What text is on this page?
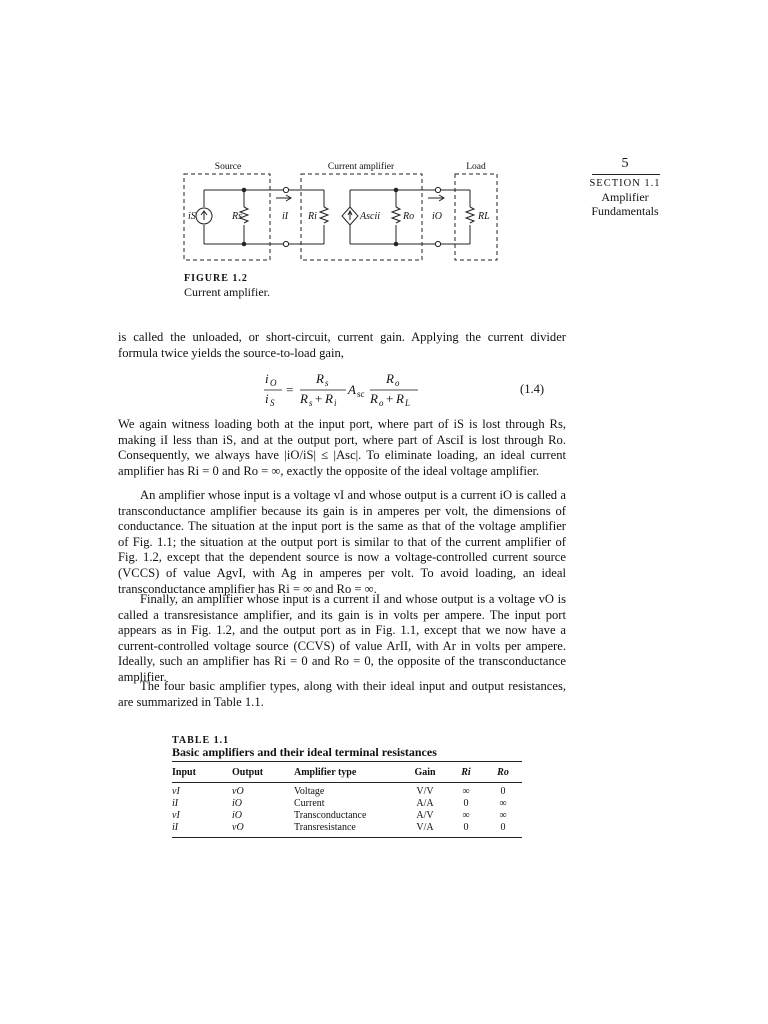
5
SECTION 1.1
Amplifier Fundamentals
Source	Current amplifier	Load
iS	Rs	iI Ri	Ascii Ro iO	RL
FIGURE 1.2
Current amplifier.
is called the unloaded, or short-circuit, current gain. Applying the current divider formula twice yields the source-to-load gain,
i O
i S
=
R s
R s + R i
A sc
R o
R o + R L
(1.4)
We again witness loading both at the input port, where part of iS is lost through Rs, making iI less than iS, and at the output port, where part of AsciI is lost through Ro. Consequently, we always have |iO/iS| ≤ |Asc|. To eliminate loading, an ideal current amplifier has Ri = 0 and Ro = ∞, exactly the opposite of the ideal voltage amplifier.
An amplifier whose input is a voltage vI and whose output is a current iO is called a transconductance amplifier because its gain is in amperes per volt, the dimensions of conductance. The situation at the input port is the same as that of the voltage amplifier of Fig. 1.1; the situation at the output port is similar to that of the current amplifier of Fig. 1.2, except that the dependent source is now a voltage-controlled current source (VCCS) of value AgvI, with Ag in amperes per volt. To avoid loading, an ideal transconductance amplifier has Ri = ∞ and Ro = ∞.
Finally, an amplifier whose input is a current iI and whose output is a voltage vO is called a transresistance amplifier, and its gain is in volts per ampere. The input port appears as in Fig. 1.2, and the output port as in Fig. 1.1, except that we now have a current-controlled voltage source (CCVS) of value ArII, with Ar in volts per ampere. Ideally, such an amplifier has Ri = 0 and Ro = 0, the opposite of the transconductance amplifier.
The four basic amplifier types, along with their ideal input and output resistances, are summarized in Table 1.1.
TABLE 1.1
Basic amplifiers and their ideal terminal resistances
Input	Output	Amplifier type	Gain	Ri	Ro
vI	vO	Voltage	V/V	∞	0
iI	iO	Current	A/A	0	∞
vI	iO	Transconductance	A/V	∞	∞
iI	vO	Transresistance	V/A	0	0
